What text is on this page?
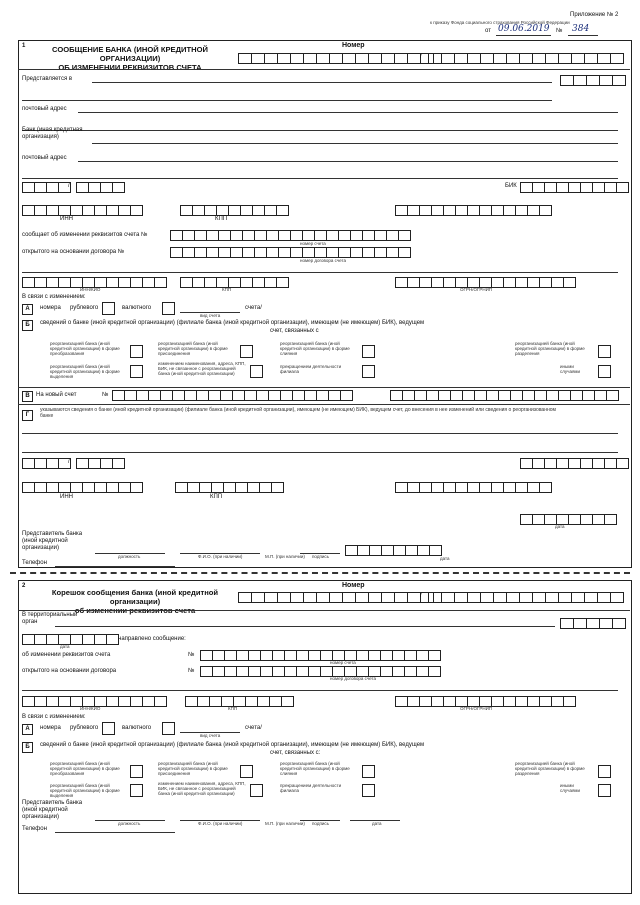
Приложение № 2
к приказу Фонда социального страхования Российской Федерации
от 09.06.2019 № 384
1	СООБЩЕНИЕ БАНКА (ИНОЙ КРЕДИТНОЙ ОРГАНИЗАЦИИ)
ОБ ИЗМЕНЕНИИ РЕКВИЗИТОВ СЧЕТА
Номер
/
Представляется в
почтовый адрес
Банк (иная кредитная
организация)
почтовый адрес
/	БИК
ИНН	КПП
сообщает об изменении реквизитов счета №
номер счета
открытого на основании договора №
номер договора счета
ИНН/КИО	КПП	ОГРН/ОГРНИП
В связи с изменением:
А	номера рублевого	валютного	счета/
вид счета
Б	сведений о банке (иной кредитной организации) (филиале банка (иной кредитной организации), имеющем (не имеющем) БИК), ведущем
счет, связанных с
реорганизацией банка (иной кредитной организации) в форме преобразования
реорганизацией банка (иной кредитной организации) в форме присоединения
реорганизацией банка (иной кредитной организации) в форме слияния
реорганизацией банка (иной кредитной организации) в форме разделения
реорганизацией банка (иной кредитной организации) в форме выделения
изменением наименования, адреса, КПП, БИК, не связанное с реорганизацией банка (иной кредитной организации)
прекращением деятельности филиала
иными случаями
В	На новый счет	№
Г
указываются сведения о банке (иной кредитной организации) (филиале банка (иной кредитной организации), имеющем (не имеющем) БИК), ведущем счет, до внесения в нее изменений или сведения о реорганизованном банке
/
ИНН	КПП
дата
Представитель банка
(иной кредитной
организации)
должность	Ф.И.О. (при наличии)	М.П. (при наличии) подпись	дата
Телефон
2
Корешок сообщения банка (иной кредитной организации)
об изменении реквизитов счета
Номер
/
В территориальный
орган
дата
направлено сообщение:
об изменении реквизитов счета	№
номер счета
открытого на основании договора	№
номер договора счета
ИНН/КИО	КПП	ОГРН/ОГРНИП
В связи с изменением:
А	номера рублевого	валютного	счета/
вид счета
Б	сведений о банке (иной кредитной организации) (филиале банка (иной кредитной организации), имеющем (не имеющем) БИК), ведущем
счет, связанных с:
реорганизацией банка (иной кредитной организации) в форме преобразования
реорганизацией банка (иной кредитной организации) в форме присоединения
реорганизацией банка (иной кредитной организации) в форме слияния
реорганизацией банка (иной кредитной организации) в форме разделения
реорганизацией банка (иной кредитной организации) в форме выделения
изменением наименования, адреса, КПП, БИК, не связанное с реорганизацией банка (иной кредитной организации)
прекращением деятельности филиала
иными случаями
Представитель банка
(иной кредитной
организации)
должность	Ф.И.О. (при наличии)	М.П. (при наличии) подпись	дата
Телефон
